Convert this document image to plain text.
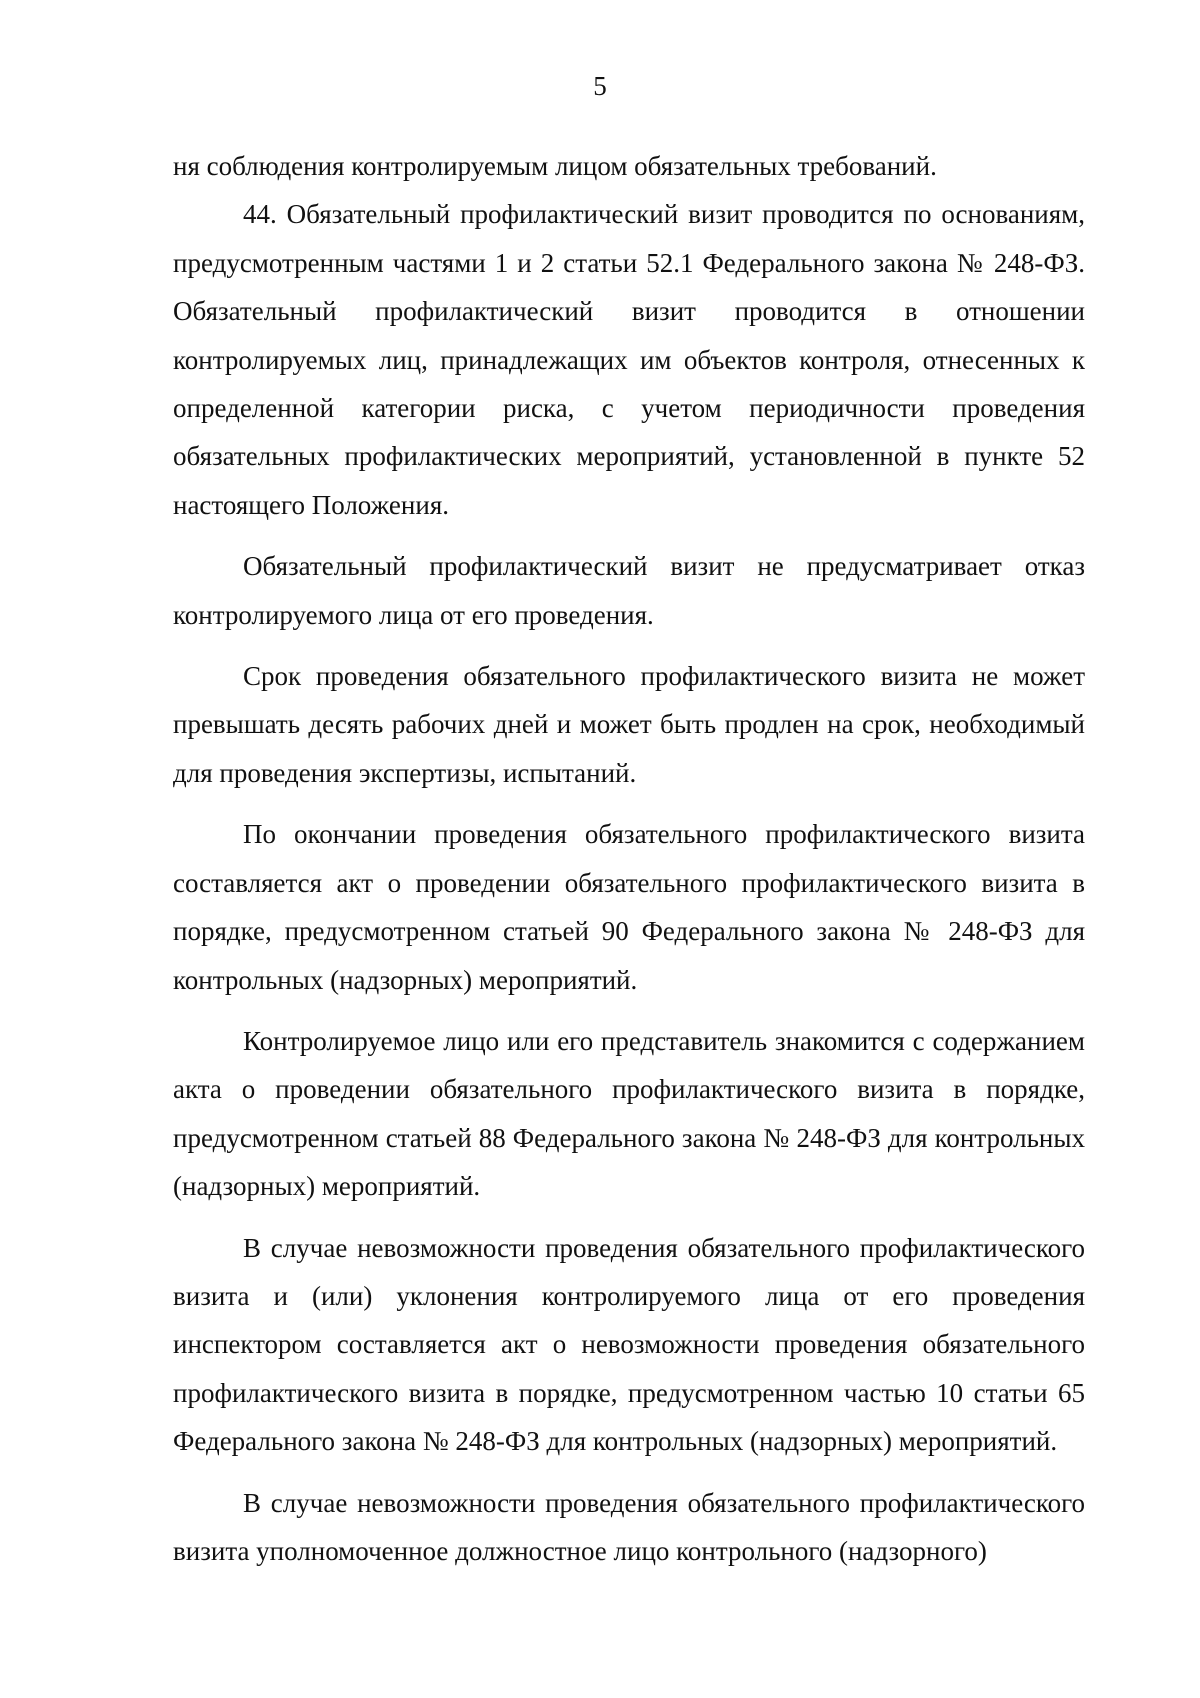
5

ня соблюдения контролируемым лицом обязательных требований.

44. Обязательный профилактический визит проводится по основаниям, предусмотренным частями 1 и 2 статьи 52.1 Федерального закона № 248-ФЗ. Обязательный профилактический визит проводится в отношении контролируемых лиц, принадлежащих им объектов контроля, отнесенных к определенной категории риска, с учетом периодичности проведения обязательных профилактических мероприятий, установленной в пункте 52 настоящего Положения.

Обязательный профилактический визит не предусматривает отказ контролируемого лица от его проведения.

Срок проведения обязательного профилактического визита не может превышать десять рабочих дней и может быть продлен на срок, необходимый для проведения экспертизы, испытаний.

По окончании проведения обязательного профилактического визита составляется акт о проведении обязательного профилактического визита в порядке, предусмотренном статьей 90 Федерального закона № 248-ФЗ для контрольных (надзорных) мероприятий.

Контролируемое лицо или его представитель знакомится с содержанием акта о проведении обязательного профилактического визита в порядке, предусмотренном статьей 88 Федерального закона № 248-ФЗ для контрольных (надзорных) мероприятий.

В случае невозможности проведения обязательного профилактического визита и (или) уклонения контролируемого лица от его проведения инспектором составляется акт о невозможности проведения обязательного профилактического визита в порядке, предусмотренном частью 10 статьи 65 Федерального закона № 248-ФЗ для контрольных (надзорных) мероприятий.

В случае невозможности проведения обязательного профилактического визита уполномоченное должностное лицо контрольного (надзорного)
